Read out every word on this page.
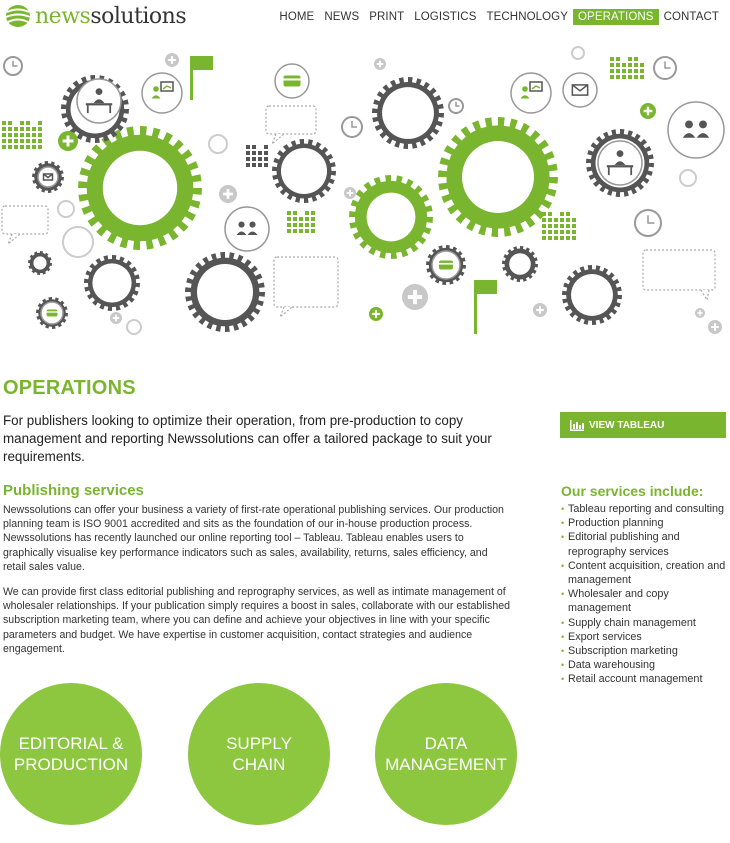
newssolutions	HOME NEWS PRINT LOGISTICS TECHNOLOGY OPERATIONS CONTACT
OPERATIONS

For publishers looking to optimize their operation, from pre-production to copy management and reporting Newssolutions can offer a tailored package to suit your requirements.

Publishing services

Newssolutions can offer your business a variety of first-rate operational publishing services. Our production planning team is ISO 9001 accredited and sits as the foundation of our in-house production process. Newssolutions has recently launched our online reporting tool – Tableau. Tableau enables users to graphically visualise key performance indicators such as sales, availability, returns, sales efficiency, and retail sales value.

We can provide first class editorial publishing and reprography services, as well as intimate management of wholesaler relationships. If your publication simply requires a boost in sales, collaborate with our established subscription marketing team, where you can define and achieve your objectives in line with your specific parameters and budget. We have expertise in customer acquisition, contact strategies and audience engagement.

VIEW TABLEAU
Our services include:
• Tableau reporting and consulting
• Production planning
• Editorial publishing and reprography services
• Content acquisition, creation and management
• Wholesaler and copy management
• Supply chain management
• Export services
• Subscription marketing
• Data warehousing
• Retail account management
EDITORIAL &
PRODUCTION
SUPPLY
CHAIN
DATA
MANAGEMENT
